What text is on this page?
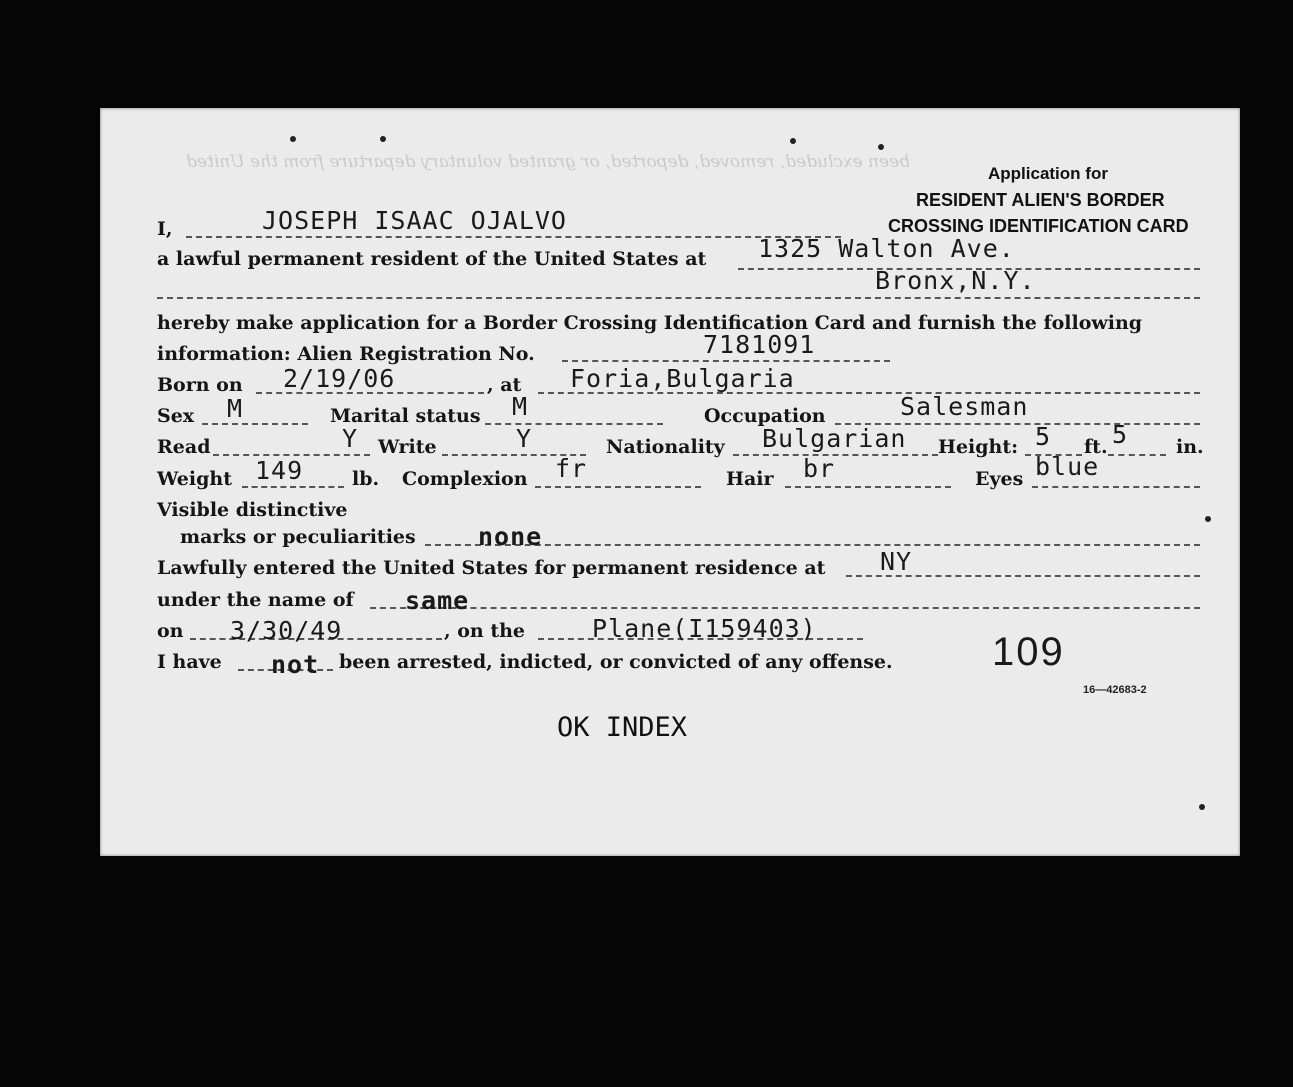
been excluded, removed, deported, or granted voluntary departure from the United
Application for
RESIDENT ALIEN'S BORDER
CROSSING IDENTIFICATION CARD
I,	JOSEPH ISAAC OJALVO
a lawful permanent resident of the United States at 1325 Walton Ave.
Bronx,N.Y.
hereby make application for a Border Crossing Identification Card and furnish the following
information: Alien Registration No.	7181091
Born on 2/19/06	, at Foria,Bulgaria
Sex M	Marital status M	Occupation	Salesman
Read	Y Write	Y	Nationality Bulgarian Height: 5 ft. 5	in.
Weight 149	lb. Complexion fr	Hair br	Eyes blue
Visible distinctive
marks or peculiarities none
Lawfully entered the United States for permanent residence at NY
under the name of same
on 3/30/49	, on the	Plane(I159403)
I have not been arrested, indicted, or convicted of any offense. 109
16—42683-2
OK INDEX
